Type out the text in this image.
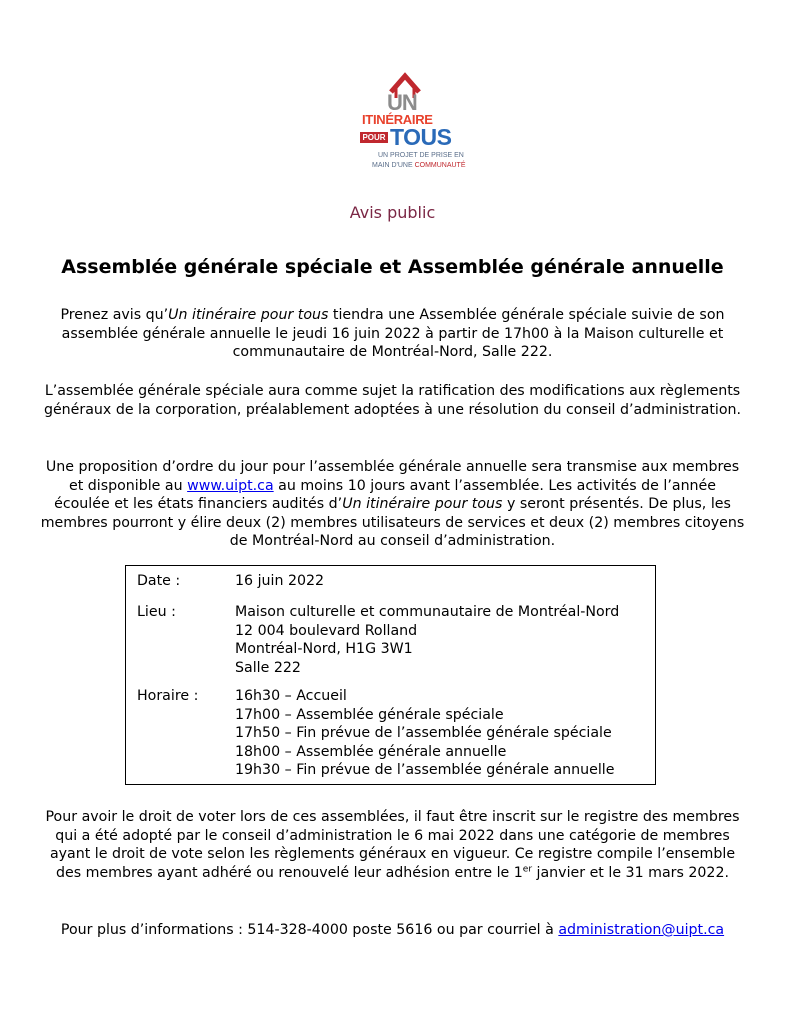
UN
ITINÉRAIRE
POUR TOUS
UN PROJET DE PRISE EN
MAIN D'UNE COMMUNAUTÉ
Avis public
Assemblée générale spéciale et Assemblée générale annuelle
Prenez avis qu’Un itinéraire pour tous tiendra une Assemblée générale spéciale suivie de son assemblée générale annuelle le jeudi 16 juin 2022 à partir de 17h00 à la Maison culturelle et communautaire de Montréal-Nord, Salle 222.
L’assemblée générale spéciale aura comme sujet la ratification des modifications aux règlements généraux de la corporation, préalablement adoptées à une résolution du conseil d’administration.
Une proposition d’ordre du jour pour l’assemblée générale annuelle sera transmise aux membres et disponible au www.uipt.ca au moins 10 jours avant l’assemblée. Les activités de l’année écoulée et les états financiers audités d’Un itinéraire pour tous y seront présentés. De plus, les membres pourront y élire deux (2) membres utilisateurs de services et deux (2) membres citoyens de Montréal-Nord au conseil d’administration.
Date :	16 juin 2022
Lieu :	Maison culturelle et communautaire de Montréal-Nord
12 004 boulevard Rolland
Montréal-Nord, H1G 3W1
Salle 222
Horaire :	16h30 – Accueil
17h00 – Assemblée générale spéciale
17h50 – Fin prévue de l’assemblée générale spéciale
18h00 – Assemblée générale annuelle
19h30 – Fin prévue de l’assemblée générale annuelle
Pour avoir le droit de voter lors de ces assemblées, il faut être inscrit sur le registre des membres qui a été adopté par le conseil d’administration le 6 mai 2022 dans une catégorie de membres ayant le droit de vote selon les règlements généraux en vigueur. Ce registre compile l’ensemble des membres ayant adhéré ou renouvelé leur adhésion entre le 1er janvier et le 31 mars 2022.
Pour plus d’informations : 514-328-4000 poste 5616 ou par courriel à administration@uipt.ca
